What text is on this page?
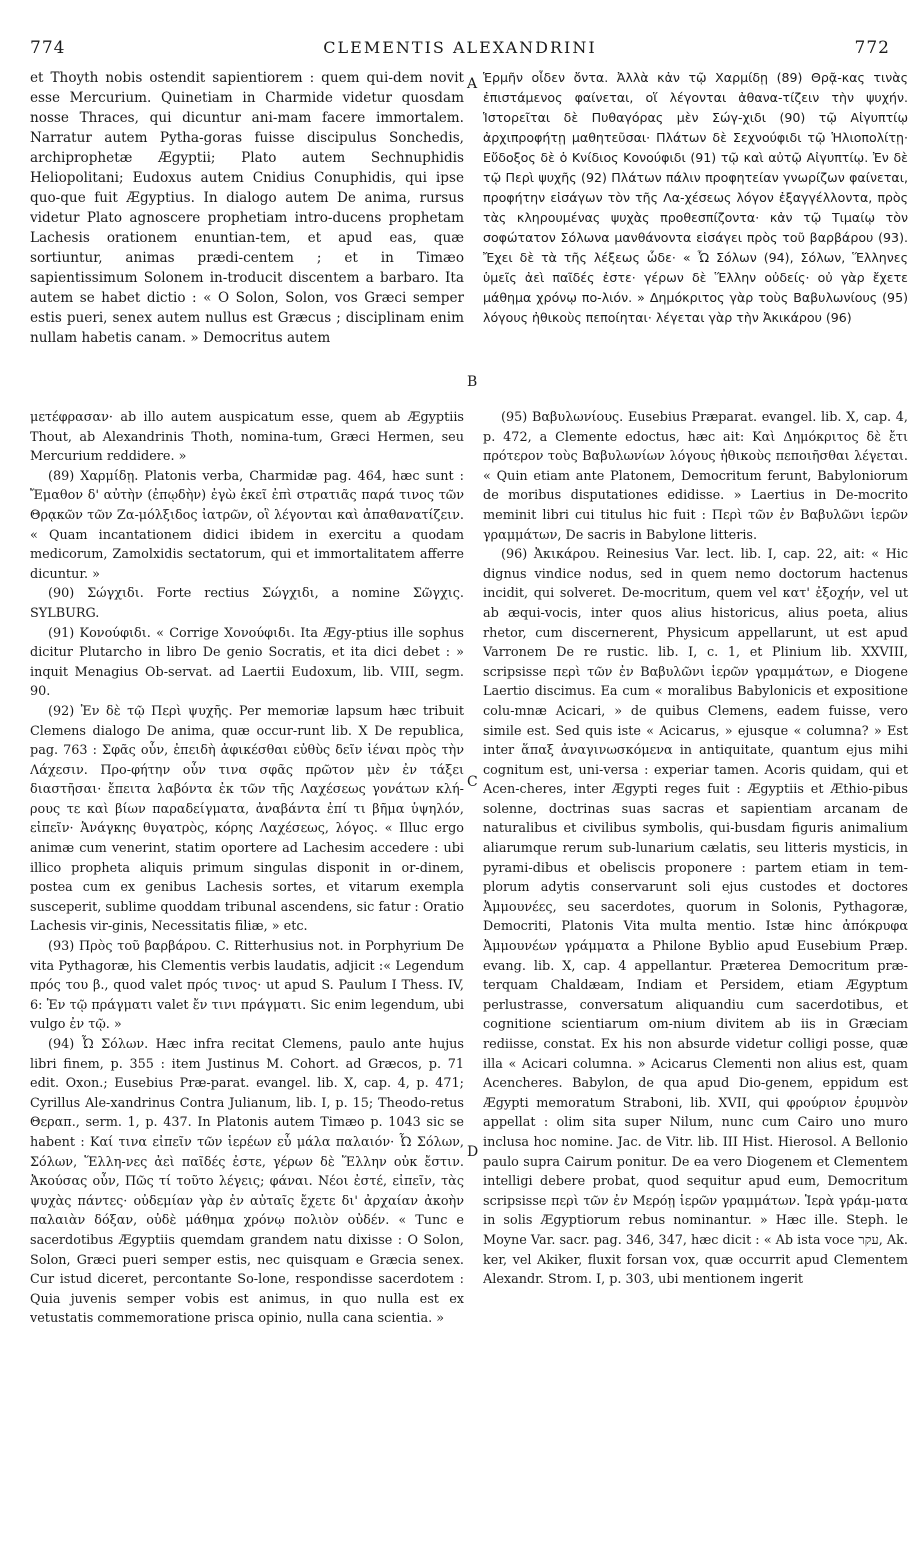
774	CLEMENTIS ALEXANDRINI	772
et Thoyth nobis ostendit sapientiorem : quem qui-dem novit esse Mercurium. Quinetiam in Charmide videtur quosdam nosse Thraces, qui dicuntur ani-mam facere immortalem. Narratur autem Pytha-goras fuisse discipulus Sonchedis, archiprophetæ Ægyptii; Plato autem Sechnuphidis Heliopolitani; Eudoxus autem Cnidius Conuphidis, qui ipse quo-que fuit Ægyptius. In dialogo autem De anima, rursus videtur Plato agnoscere prophetiam intro-ducens prophetam Lachesis orationem enuntian-tem, et apud eas, quæ sortiuntur, animas prædi-centem ; et in Timæo sapientissimum Solonem in-troducit discentem a barbaro. Ita autem se habet dictio : « O Solon, Solon, vos Græci semper estis pueri, senex autem nullus est Græcus ; disciplinam enim nullam habetis canam. » Democritus autem
Ἑρμῆν οἶδεν ὄντα. Ἀλλὰ κἀν τῷ Χαρμίδῃ (89) Θρᾷ-κας τινὰς ἐπιστάμενος φαίνεται, οἵ λέγονται ἀθανα-τίζειν τὴν ψυχήν. Ἱστορεῖται δὲ Πυθαγόρας μὲν Σώγ-χιδι (90) τῷ Αἰγυπτίῳ ἀρχιπροφήτῃ μαθητεῦσαι· Πλάτων δὲ Σεχνούφιδι τῷ Ἡλιοπολίτῃ· Εὔδοξος δὲ ὁ Κνίδιος Κονούφιδι (91) τῷ καὶ αὐτῷ Αἰγυπτίῳ. Ἐν δὲ τῷ Περὶ ψυχῆς (92) Πλάτων πάλιν προφητείαν γνωρίζων φαίνεται, προφήτην εἰσάγων τὸν τῆς Λα-χέσεως λόγον ἐξαγγέλλοντα, πρὸς τὰς κληρουμένας ψυχὰς προθεσπίζοντα· κἀν τῷ Τιμαίῳ τὸν σοφώτατον Σόλωνα μανθάνοντα εἰσάγει πρὸς τοῦ βαρβάρου (93). Ἔχει δὲ τὰ τῆς λέξεως ὧδε· « Ὦ Σόλων (94), Σόλων, Ἕλληνες ὑμεῖς ἀεὶ παῖδές ἐστε· γέρων δὲ Ἕλλην οὐδείς· οὐ γὰρ ἔχετε μάθημα χρόνῳ πο-λιόν. » Δημόκριτος γὰρ τοὺς Βαβυλωνίους (95) λόγους ἠθικοὺς πεποίηται· λέγεται γὰρ τὴν Ἀκικάρου (96)
A
B
C
D

μετέφρασαν· ab illo autem auspicatum esse, quem ab Ægyptiis Thout, ab Alexandrinis Thoth, nomina-tum, Græci Hermen, seu Mercurium reddidere. »

(89) Χαρμίδῃ. Platonis verba, Charmidæ pag. 464, hæc sunt : Ἔμαθον δ' αὐτὴν (ἐπῳδὴν) ἐγὼ ἐκεῖ ἐπὶ στρατιᾶς παρά τινος τῶν Θρᾳκῶν τῶν Ζα-μόλξιδος ἰατρῶν, οἳ λέγονται καὶ ἀπαθανατίζειν. « Quam incantationem didici ibidem in exercitu a quodam medicorum, Zamolxidis sectatorum, qui et immortalitatem afferre dicuntur. »

(90) Σώγχιδι. Forte rectius Σώγχιδι, a nomine Σῶγχις. SYLBURG.

(91) Κονούφιδι. « Corrige Χονούφιδι. Ita Ægy-ptius ille sophus dicitur Plutarcho in libro De genio Socratis, et ita dici debet : » inquit Menagius Ob-servat. ad Laertii Eudoxum, lib. VIII, segm. 90.

(92) Ἐν δὲ τῷ Περὶ ψυχῆς. Per memoriæ lapsum hæc tribuit Clemens dialogo De anima, quæ occur-runt lib. X De republica, pag. 763 : Σφᾶς οὖν, ἐπειδὴ ἀφικέσθαι εὐθὺς δεῖν ἰέναι πρὸς τὴν Λάχεσιν. Προ-φήτην οὖν τινα σφᾶς πρῶτον μὲν ἐν τάξει διαστῆσαι· ἔπειτα λαβόντα ἐκ τῶν τῆς Λαχέσεως γονάτων κλή-ρους τε καὶ βίων παραδείγματα, ἀναβάντα ἐπί τι βῆμα ὑψηλόν, εἰπεῖν· Ἀνάγκης θυγατρὸς, κόρης Λαχέσεως, λόγος. « Illuc ergo animæ cum venerint, statim oportere ad Lachesim accedere : ubi illico propheta aliquis primum singulas disponit in or-dinem, postea cum ex genibus Lachesis sortes, et vitarum exempla susceperit, sublime quoddam tribunal ascendens, sic fatur : Oratio Lachesis vir-ginis, Necessitatis filiæ, » etc.

(93) Πρὸς τοῦ βαρβάρου. C. Ritterhusius not. in Porphyrium De vita Pythagoræ, his Clementis verbis laudatis, adjicit :« Legendum πρός του β., quod valet πρός τινος· ut apud S. Paulum I Thess. IV, 6: Ἐν τῷ πράγματι valet ἔν τινι πράγματι. Sic enim legendum, ubi vulgo ἐν τῷ. »

(94) Ὦ Σόλων. Hæc infra recitat Clemens, paulo ante hujus libri finem, p. 355 : item Justinus M. Cohort. ad Græcos, p. 71 edit. Oxon.; Eusebius Præ-parat. evangel. lib. X, cap. 4, p. 471; Cyrillus Ale-xandrinus Contra Julianum, lib. I, p. 15; Theodo-retus Θεραπ., serm. 1, p. 437. In Platonis autem Timæo p. 1043 sic se habent : Καί τινα εἰπεῖν τῶν ἱερέων εὖ μάλα παλαιόν· Ὦ Σόλων, Σόλων, Ἕλλη-νες ἀεὶ παῖδές ἐστε, γέρων δὲ Ἕλλην οὐκ ἔστιν. Ἀκούσας οὖν, Πῶς τί τοῦτο λέγεις; φάναι. Νέοι ἐστέ, εἰπεῖν, τὰς ψυχὰς πάντες· οὐδεμίαν γὰρ ἐν αὐταῖς ἔχετε δι' ἀρχαίαν ἀκοὴν παλαιὰν δόξαν, οὐδὲ μάθημα χρόνῳ πολιὸν οὐδέν. « Tunc e sacerdotibus Ægyptiis quemdam grandem natu dixisse : O Solon, Solon, Græci pueri semper estis, nec quisquam e Græcia senex. Cur istud diceret, percontante So-lone, respondisse sacerdotem : Quia juvenis semper vobis est animus, in quo nulla est ex vetustatis commemoratione prisca opinio, nulla cana scientia. »

(95) Βαβυλωνίους. Eusebius Præparat. evangel. lib. X, cap. 4, p. 472, a Clemente edoctus, hæc ait: Καὶ Δημόκριτος δὲ ἔτι πρότερον τοὺς Βαβυλωνίων λόγους ἠθικοὺς πεποιῆσθαι λέγεται. « Quin etiam ante Platonem, Democritum ferunt, Babyloniorum de moribus disputationes edidisse. » Laertius in De-mocrito meminit libri cui titulus hic fuit : Περὶ τῶν ἐν Βαβυλῶνι ἱερῶν γραμμάτων, De sacris in Babylone litteris.

(96) Ἀκικάρου. Reinesius Var. lect. lib. I, cap. 22, ait: « Hic dignus vindice nodus, sed in quem nemo doctorum hactenus incidit, qui solveret. De-mocritum, quem vel κατ' ἐξοχήν, vel ut ab æqui-vocis, inter quos alius historicus, alius poeta, alius rhetor, cum discernerent, Physicum appellarunt, ut est apud Varronem De re rustic. lib. I, c. 1, et Plinium lib. XXVIII, scripsisse περὶ τῶν ἐν Βαβυλῶνι ἱερῶν γραμμάτων, e Diogene Laertio discimus. Ea cum « moralibus Babylonicis et expositione colu-mnæ Acicari, » de quibus Clemens, eadem fuisse, vero simile est. Sed quis iste « Acicarus, » ejusque « columna? » Est inter ἅπαξ ἀναγινωσκόμενα in antiquitate, quantum ejus mihi cognitum est, uni-versa : experiar tamen. Acoris quidam, qui et Acen-cheres, inter Ægypti reges fuit : Ægyptiis et Æthio-pibus solenne, doctrinas suas sacras et sapientiam arcanam de naturalibus et civilibus symbolis, qui-busdam figuris animalium aliarumque rerum sub-lunarium cælatis, seu litteris mysticis, in pyrami-dibus et obeliscis proponere : partem etiam in tem-plorum adytis conservarunt soli ejus custodes et doctores Ἀμμουνέες, seu sacerdotes, quorum in Solonis, Pythagoræ, Democriti, Platonis Vita multa mentio. Istæ hinc ἀπόκρυφα Ἀμμουνέων γράμματα a Philone Byblio apud Eusebium Præp. evang. lib. X, cap. 4 appellantur. Præterea Democritum præ-terquam Chaldæam, Indiam et Persidem, etiam Ægyptum perlustrasse, conversatum aliquandiu cum sacerdotibus, et cognitione scientiarum om-nium divitem ab iis in Græciam rediisse, constat. Ex his non absurde videtur colligi posse, quæ illa « Acicari columna. » Acicarus Clementi non alius est, quam Acencheres. Babylon, de qua apud Dio-genem, eppidum est Ægypti memoratum Straboni, lib. XVII, qui φρούριον ἐρυμνὸν appellat : olim sita super Nilum, nunc cum Cairo uno muro inclusa hoc nomine. Jac. de Vitr. lib. III Hist. Hierosol. A Bellonio paulo supra Cairum ponitur. De ea vero Diogenem et Clementem intelligi debere probat, quod sequitur apud eum, Democritum scripsisse περὶ τῶν ἐν Μερόῃ ἱερῶν γραμμάτων. Ἱερὰ γράμ-ματα in solis Ægyptiorum rebus nominantur. » Hæc ille. Steph. le Moyne Var. sacr. pag. 346, 347, hæc dicit : « Ab ista voce עקר, Ak. ker, vel Akiker, fluxit forsan vox, quæ occurrit apud Clementem Alexandr. Strom. I, p. 303, ubi mentionem ingerit
